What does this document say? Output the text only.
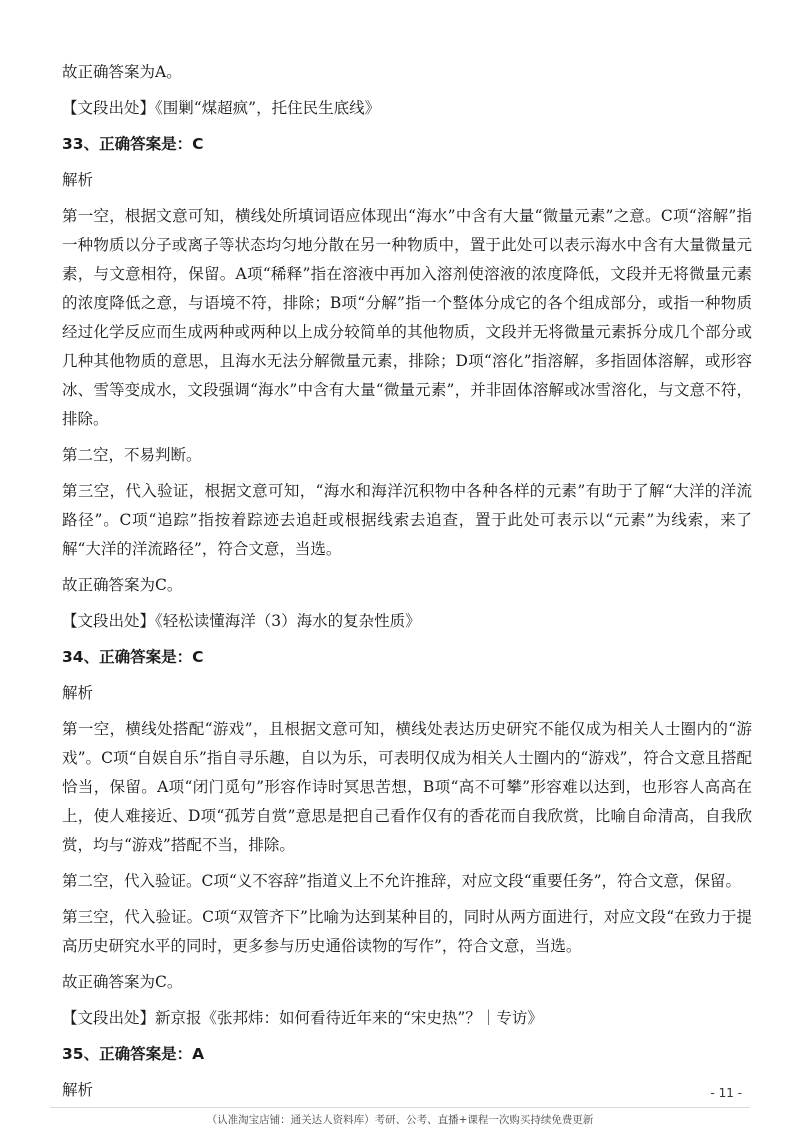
故正确答案为A。

【文段出处】《围剿“煤超疯”，托住民生底线》

33、正确答案是：C

解析

第一空，根据文意可知，横线处所填词语应体现出“海水”中含有大量“微量元素”之意。C项“溶解”指一种物质以分子或离子等状态均匀地分散在另一种物质中，置于此处可以表示海水中含有大量微量元素，与文意相符，保留。A项“稀释”指在溶液中再加入溶剂使溶液的浓度降低，文段并无将微量元素的浓度降低之意，与语境不符，排除；B项“分解”指一个整体分成它的各个组成部分，或指一种物质经过化学反应而生成两种或两种以上成分较简单的其他物质，文段并无将微量元素拆分成几个部分或几种其他物质的意思，且海水无法分解微量元素，排除；D项“溶化”指溶解，多指固体溶解，或形容冰、雪等变成水，文段强调“海水”中含有大量“微量元素”，并非固体溶解或冰雪溶化，与文意不符，排除。

第二空，不易判断。

第三空，代入验证，根据文意可知，“海水和海洋沉积物中各种各样的元素”有助于了解“大洋的洋流路径”。C项“追踪”指按着踪迹去追赶或根据线索去追查，置于此处可表示以“元素”为线索，来了解“大洋的洋流路径”，符合文意，当选。

故正确答案为C。

【文段出处】《轻松读懂海洋（3）海水的复杂性质》

34、正确答案是：C

解析

第一空，横线处搭配“游戏”，且根据文意可知，横线处表达历史研究不能仅成为相关人士圈内的“游戏”。C项“自娱自乐”指自寻乐趣，自以为乐，可表明仅成为相关人士圈内的“游戏”，符合文意且搭配恰当，保留。A项“闭门觅句”形容作诗时冥思苦想，B项“高不可攀”形容难以达到，也形容人高高在上，使人难接近、D项“孤芳自赏”意思是把自己看作仅有的香花而自我欣赏，比喻自命清高，自我欣赏，均与“游戏”搭配不当，排除。

第二空，代入验证。C项“义不容辞”指道义上不允许推辞，对应文段“重要任务”，符合文意，保留。

第三空，代入验证。C项“双管齐下”比喻为达到某种目的，同时从两方面进行，对应文段“在致力于提高历史研究水平的同时，更多参与历史通俗读物的写作”，符合文意，当选。

故正确答案为C。

【文段出处】新京报《张邦炜：如何看待近年来的“宋史热”？｜专访》

35、正确答案是：A

解析	- 11 -
（认准淘宝店铺：通关达人资料库）考研、公考、直播+课程一次购买持续免费更新
